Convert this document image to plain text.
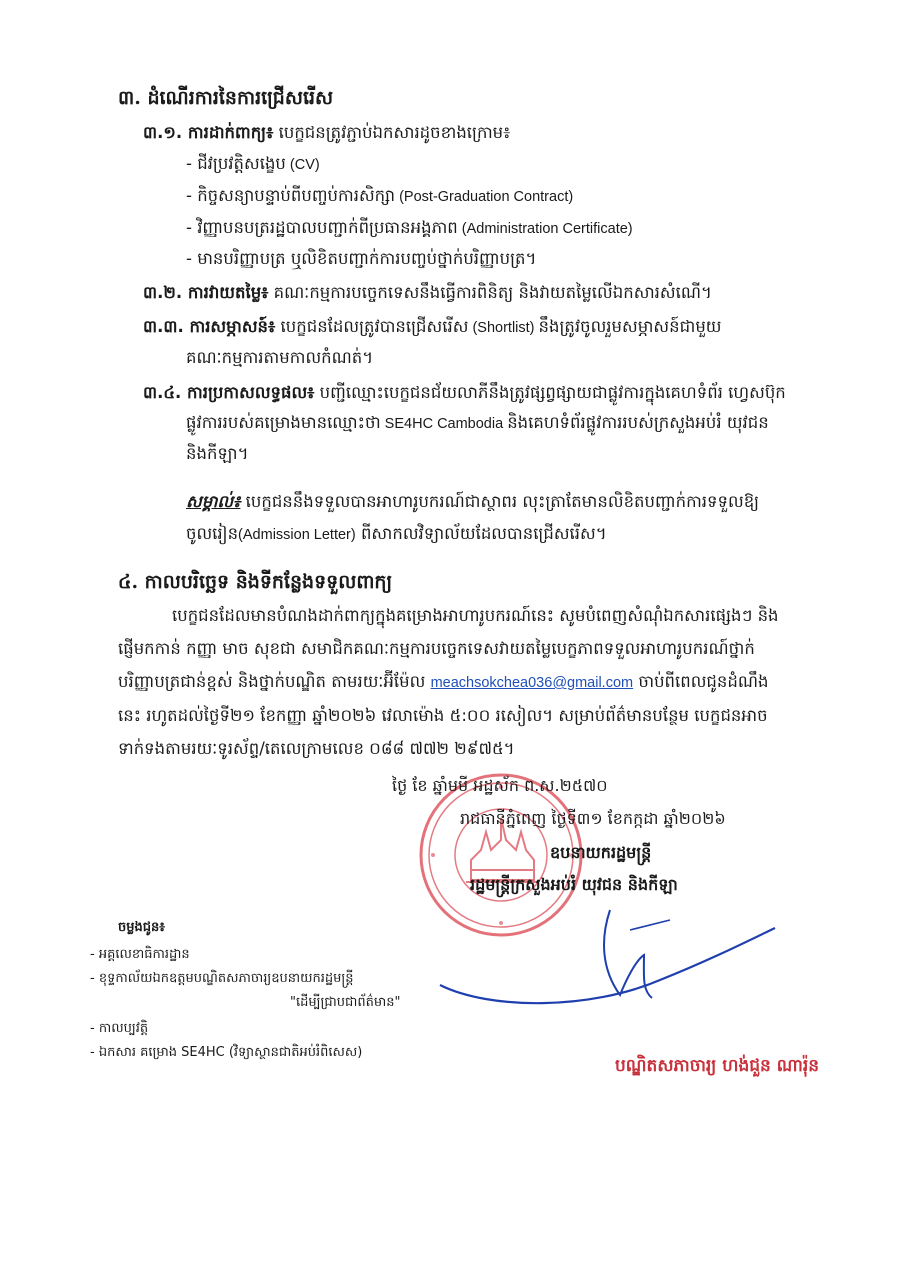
៣. ដំណើរការនៃការជ្រើសរើស
៣.១. ការដាក់ពាក្យ៖ បេក្ខជនត្រូវភ្ជាប់ឯកសារដូចខាងក្រោម៖
- ជីវប្រវត្តិសង្ខេប (CV)
- កិច្ចសន្យាបន្ទាប់ពីបញ្ចប់ការសិក្សា (Post-Graduation Contract)
- វិញ្ញាបនបត្ររដ្ឋបាលបញ្ជាក់ពីប្រធានអង្គភាព (Administration Certificate)
- មានបរិញ្ញាបត្រ ឬលិខិតបញ្ជាក់ការបញ្ចប់ថ្នាក់បរិញ្ញាបត្រ។
៣.២. ការវាយតម្លៃ៖ គណៈកម្មការបច្ចេកទេសនឹងធ្វើការពិនិត្យ និងវាយតម្លៃលើឯកសារសំណើ។
៣.៣. ការសម្ភាសន៍៖ បេក្ខជនដែលត្រូវបានជ្រើសរើស (Shortlist) នឹងត្រូវចូលរួមសម្ភាសន៍ជាមួយ
គណៈកម្មការតាមកាលកំណត់។
៣.៤. ការប្រកាសលទ្ធផល៖ បញ្ជីឈ្មោះបេក្ខជនជ័យលាភីនឹងត្រូវផ្សព្វផ្សាយជាផ្លូវការក្នុងគេហទំព័រ ហ្វេសប៊ុក
ផ្លូវការរបស់គម្រោងមានឈ្មោះថា SE4HC Cambodia និងគេហទំព័រផ្លូវការរបស់ក្រសួងអប់រំ យុវជន
និងកីឡា។
សម្គាល់៖ បេក្ខជននឹងទទួលបានអាហារូបករណ៍ជាស្ថាពរ លុះត្រាតែមានលិខិតបញ្ជាក់ការទទួលឱ្យ
ចូលរៀន(Admission Letter) ពីសាកលវិទ្យាល័យដែលបានជ្រើសរើស។
៤. កាលបរិច្ឆេទ និងទីកន្លែងទទួលពាក្យ
បេក្ខជនដែលមានបំណងដាក់ពាក្យក្នុងគម្រោងអាហារូបករណ៍នេះ សូមបំពេញសំណុំឯកសារផ្សេងៗ និង
ផ្ញើមកកាន់ កញ្ញា មាច សុខជា សមាជិកគណៈកម្មការបច្ចេកទេសវាយតម្លៃបេក្ខភាពទទួលអាហារូបករណ៍ថ្នាក់
បរិញ្ញាបត្រជាន់ខ្ពស់ និងថ្នាក់បណ្ឌិត តាមរយៈអ៊ីម៉ែល meachsokchea036@gmail.com ចាប់ពីពេលជូនដំណឹង
នេះ រហូតដល់ថ្ងៃទី២១ ខែកញ្ញា ឆ្នាំ២០២៦ វេលាម៉ោង ៥:០០ រសៀល។ សម្រាប់ព័ត៌មានបន្ថែម បេក្ខជនអាច
ទាក់ទងតាមរយៈទូរស័ព្ទ/តេលេក្រាមលេខ ០៨៨ ៧៧២ ២៩៧៥។
ថ្ងៃ ខែ ឆ្នាំមមី អដ្ឋស័ក ព.ស.២៥៧០
រាជធានីភ្នំពេញ ថ្ងៃទី៣១ ខែកក្កដា ឆ្នាំ២០២៦
ឧបនាយករដ្ឋមន្ត្រី
រដ្ឋមន្ត្រីក្រសួងអប់រំ យុវជន និងកីឡា
បណ្ឌិតសភាចារ្យ ហង់ជួន ណារ៉ុន
ចម្លងជូន៖
- អគ្គលេខាធិការដ្ឋាន
- ខុទ្ទកាល័យឯកឧត្តមបណ្ឌិតសភាចារ្យឧបនាយករដ្ឋមន្ត្រី
"ដើម្បីជ្រាបជាព័ត៌មាន"
- កាលប្បវត្តិ
- ឯកសារ គម្រោង SE4HC (វិទ្យាស្ថានជាតិអប់រំពិសេស)
